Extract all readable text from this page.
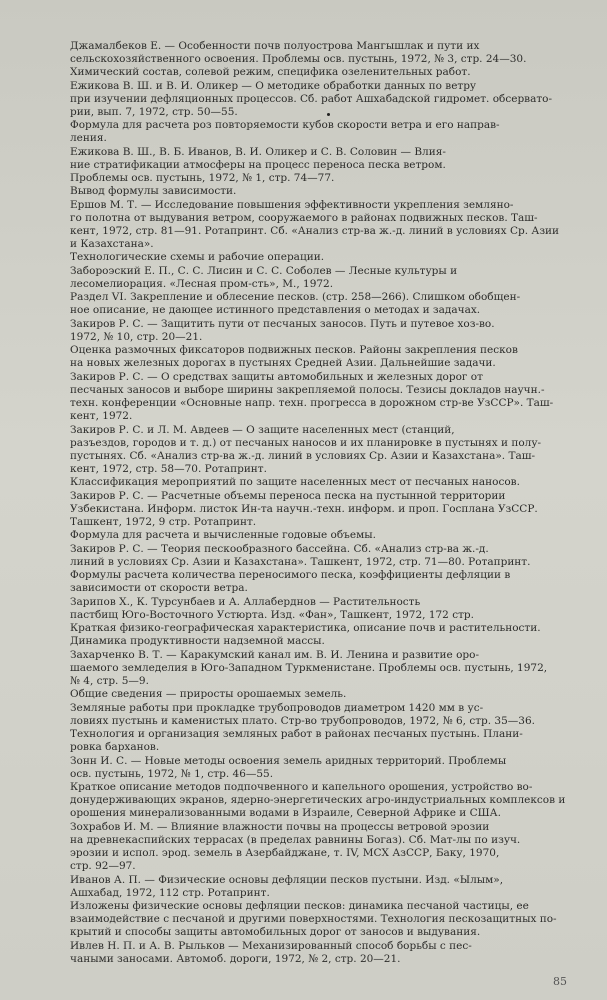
Джамалбеков Е. — Особенности почв полуострова Мангышлак и пути их
сельскохозяйственного освоения. Проблемы осв. пустынь, 1972, № 3, стр. 24—30.
Химический состав, солевой режим, специфика озеленительных работ.
Ежикова В. Ш. и В. И. Оликер — О методике обработки данных по ветру
при изучении дефляционных процессов. Сб. работ Ашхабадской гидромет. обсервато-
рии, вып. 7, 1972, стр. 50—55.
Формула для расчета роз повторяемости кубов скорости ветра и его направ-
ления.
Ежикова В. Ш., В. Б. Иванов, В. И. Оликер и С. В. Соловин — Влия-
ние стратификации атмосферы на процесс переноса песка ветром.
Проблемы осв. пустынь, 1972, № 1, стр. 74—77.
Вывод формулы зависимости.
Ершов М. Т. — Исследование повышения эффективности укрепления земляно-
го полотна от выдувания ветром, сооружаемого в районах подвижных песков. Таш-
кент, 1972, стр. 81—91. Ротапринт. Сб. «Анализ стр-ва ж.-д. линий в условиях Ср. Азии
и Казахстана».
Технологические схемы и рабочие операции.
Забороэский Е. П., С. С. Лисин и С. С. Соболев — Лесные культуры и
лесомелиорация. «Лесная пром-сть», М., 1972.
Раздел VI. Закрепление и облесение песков. (стр. 258—266). Слишком обобщен-
ное описание, не дающее истинного представления о методах и задачах.
Закиров Р. С. — Защитить пути от песчаных заносов. Путь и путевое хоз-во.
1972, № 10, стр. 20—21.
Оценка размочных фиксаторов подвижных песков. Районы закрепления песков
на новых железных дорогах в пустынях Средней Азии. Дальнейшие задачи.
Закиров Р. С. — О средствах защиты автомобильных и железных дорог от
песчаных заносов и выборе ширины закрепляемой полосы. Тезисы докладов научн.-
техн. конференции «Основные напр. техн. прогресса в дорожном стр-ве УзССР». Таш-
кент, 1972.
Закиров Р. С. и Л. М. Авдеев — О защите населенных мест (станций,
разъездов, городов и т. д.) от песчаных наносов и их планировке в пустынях и полу-
пустынях. Сб. «Анализ стр-ва ж.-д. линий в условиях Ср. Азии и Казахстана». Таш-
кент, 1972, стр. 58—70. Ротапринт.
Классификация мероприятий по защите населенных мест от песчаных наносов.
Закиров Р. С. — Расчетные объемы переноса песка на пустынной территории
Узбекистана. Информ. листок Ин-та научн.-техн. информ. и проп. Госплана УзССР.
Ташкент, 1972, 9 стр. Ротапринт.
Формула для расчета и вычисленные годовые объемы.
Закиров Р. С. — Теория пескообразного бассейна. Сб. «Анализ стр-ва ж.-д.
линий в условиях Ср. Азии и Казахстана». Ташкент, 1972, стр. 71—80. Ротапринт.
Формулы расчета количества переносимого песка, коэффициенты дефляции в
зависимости от скорости ветра.
Зарипов Х., К. Турсунбаев и А. Аллаберднов — Растительность
пастбищ Юго-Восточного Устюрта. Изд. «Фан», Ташкент, 1972, 172 стр.
Краткая физико-географическая характеристика, описание почв и растительности.
Динамика продуктивности надземной массы.
Захарченко В. Т. — Каракумский канал им. В. И. Ленина и развитие оро-
шаемого земледелия в Юго-Западном Туркменистане. Проблемы осв. пустынь, 1972,
№ 4, стр. 5—9.
Общие сведения — приросты орошаемых земель.
Земляные работы при прокладке трубопроводов диаметром 1420 мм в ус-
ловиях пустынь и каменистых плато. Стр-во трубопроводов, 1972, № 6, стр. 35—36.
Технология и организация земляных работ в районах песчаных пустынь. Плани-
ровка барханов.
Зонн И. С. — Новые методы освоения земель аридных территорий. Проблемы
осв. пустынь, 1972, № 1, стр. 46—55.
Краткое описание методов подпочвенного и капельного орошения, устройство во-
донудерживающих экранов, ядерно-энергетических агро-индустриальных комплексов и
орошения минерализованными водами в Израиле, Северной Африке и США.
Зохрабов И. М. — Влияние влажности почвы на процессы ветровой эрозии
на древнекаспийских террасах (в пределах равнины Богаз). Сб. Мат-лы по изуч.
эрозии и испол. эрод. земель в Азербайджане, т. IV, МСХ АзССР, Баку, 1970,
стр. 92—97.
Иванов А. П. — Физические основы дефляции песков пустыни. Изд. «Ылым»,
Ашхабад, 1972, 112 стр. Ротапринт.
Изложены физические основы дефляции песков: динамика песчаной частицы, ее
взаимодействие с песчаной и другими поверхностями. Технология пескозащитных по-
крытий и способы защиты автомобильных дорог от заносов и выдувания.
Ивлев Н. П. и А. В. Рыльков — Механизированный способ борьбы с пес-
чаными заносами. Автомоб. дороги, 1972, № 2, стр. 20—21.
85
